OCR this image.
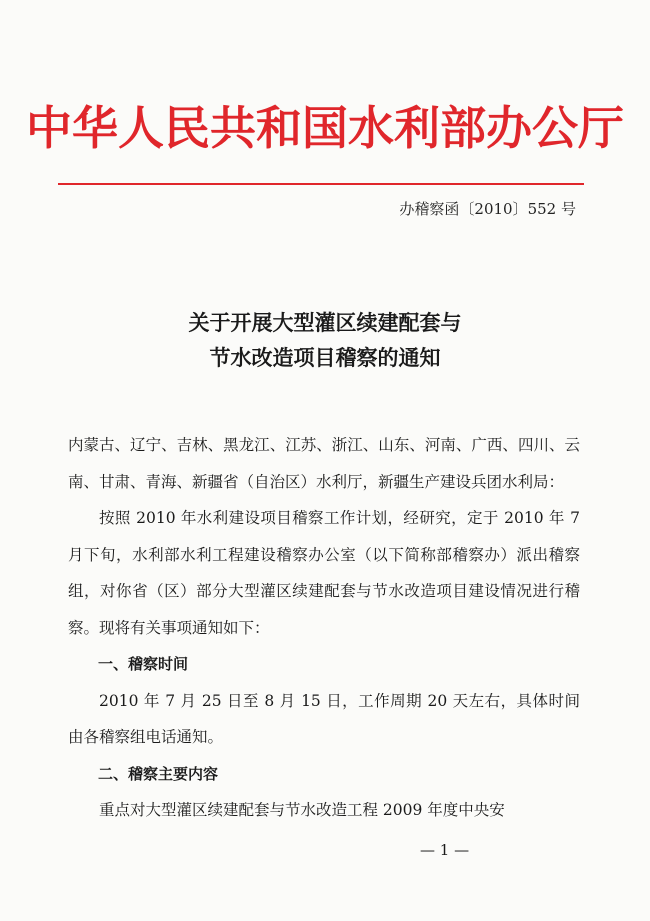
中华人民共和国水利部办公厅
办稽察函〔2010〕552 号
关于开展大型灌区续建配套与
节水改造项目稽察的通知

内蒙古、辽宁、吉林、黑龙江、江苏、浙江、山东、河南、广西、四川、云南、甘肃、青海、新疆省（自治区）水利厅，新疆生产建设兵团水利局：

按照 2010 年水利建设项目稽察工作计划，经研究，定于 2010 年 7 月下旬，水利部水利工程建设稽察办公室（以下简称部稽察办）派出稽察组，对你省（区）部分大型灌区续建配套与节水改造项目建设情况进行稽察。现将有关事项通知如下：

一、稽察时间

2010 年 7 月 25 日至 8 月 15 日，工作周期 20 天左右，具体时间由各稽察组电话通知。

二、稽察主要内容

重点对大型灌区续建配套与节水改造工程 2009 年度中央安

— 1 —
